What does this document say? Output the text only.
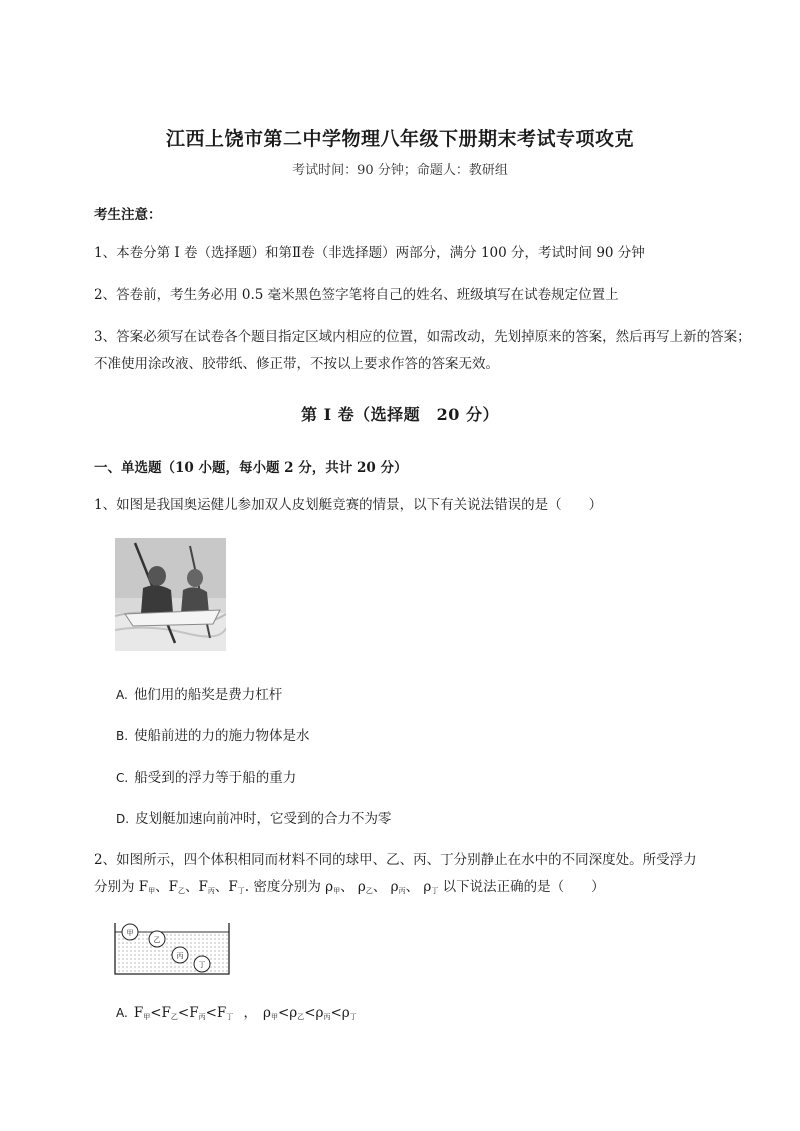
江西上饶市第二中学物理八年级下册期末考试专项攻克
考试时间：90 分钟；命题人：教研组
考生注意：
1、本卷分第 I 卷（选择题）和第Ⅱ卷（非选择题）两部分，满分 100 分，考试时间 90 分钟
2、答卷前，考生务必用 0.5 毫米黑色签字笔将自己的姓名、班级填写在试卷规定位置上
3、答案必须写在试卷各个题目指定区域内相应的位置，如需改动，先划掉原来的答案，然后再写上新的答案；不准使用涂改液、胶带纸、修正带，不按以上要求作答的答案无效。
第 I 卷（选择题　20 分）
一、单选题（10 小题，每小题 2 分，共计 20 分）
1、如图是我国奥运健儿参加双人皮划艇竞赛的情景，以下有关说法错误的是（　　）
A. 他们用的船奖是费力杠杆
B. 使船前进的力的施力物体是水
C. 船受到的浮力等于船的重力
D. 皮划艇加速向前冲时，它受到的合力不为零
2、如图所示，四个体积相同而材料不同的球甲、乙、丙、丁分别静止在水中的不同深度处。所受浮力
分别为 $F_甲$、$F_乙$、$F_丙$、$F_丁$. 密度分别为 $\rho_甲$、 $\rho_乙$、 $\rho_丙$、 $\rho_丁$ 以下说法正确的是（　　）
甲
乙
丙
丁
A. $F_甲<F_乙<F_丙<F_丁$ ， $\rho_甲<\rho_乙<\rho_丙<\rho_丁$
